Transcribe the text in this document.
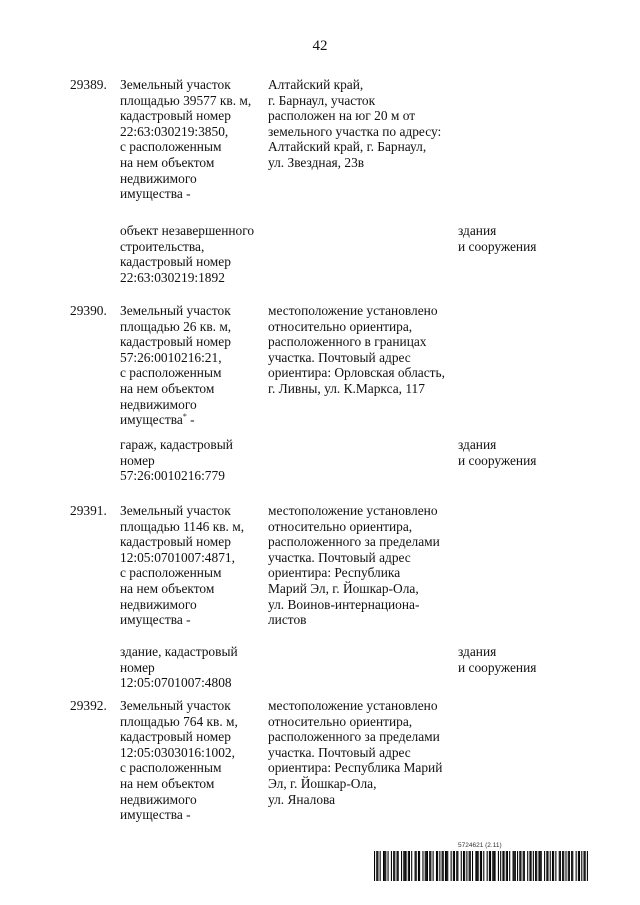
42
29389. Земельный участок
площадью 39577 кв. м,
кадастровый номер
22:63:030219:3850,
с расположенным
на нем объектом
недвижимого
имущества -
Алтайский край,
г. Барнаул, участок
расположен на юг 20 м от
земельного участка по адресу:
Алтайский край, г. Барнаул,
ул. Звездная, 23в
объект незавершенного
строительства,
кадастровый номер
22:63:030219:1892
здания
и сооружения
29390. Земельный участок
площадью 26 кв. м,
кадастровый номер
57:26:0010216:21,
с расположенным
на нем объектом
недвижимого
имущества* -
местоположение установлено
относительно ориентира,
расположенного в границах
участка. Почтовый адрес
ориентира: Орловская область,
г. Ливны, ул. К.Маркса, 117
гараж, кадастровый
номер
57:26:0010216:779
здания
и сооружения
29391. Земельный участок
площадью 1146 кв. м,
кадастровый номер
12:05:0701007:4871,
с расположенным
на нем объектом
недвижимого
имущества -
местоположение установлено
относительно ориентира,
расположенного за пределами
участка. Почтовый адрес
ориентира: Республика
Марий Эл, г. Йошкар-Ола,
ул. Воинов-интернациона-
листов
здание, кадастровый
номер
12:05:0701007:4808
здания
и сооружения
29392. Земельный участок
площадью 764 кв. м,
кадастровый номер
12:05:0303016:1002,
с расположенным
на нем объектом
недвижимого
имущества -
местоположение установлено
относительно ориентира,
расположенного за пределами
участка. Почтовый адрес
ориентира: Республика Марий
Эл, г. Йошкар-Ола,
ул. Яналова
5724621 (2.11)
